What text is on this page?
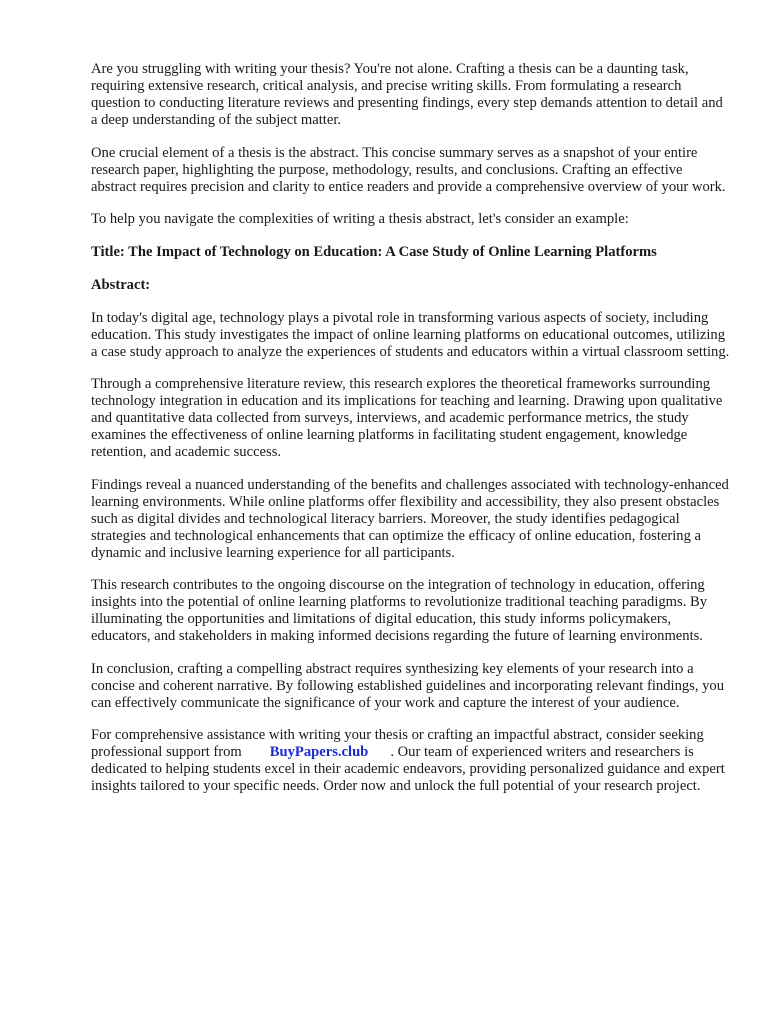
Are you struggling with writing your thesis? You're not alone. Crafting a thesis can be a daunting task, requiring extensive research, critical analysis, and precise writing skills. From formulating a research question to conducting literature reviews and presenting findings, every step demands attention to detail and a deep understanding of the subject matter.

One crucial element of a thesis is the abstract. This concise summary serves as a snapshot of your entire research paper, highlighting the purpose, methodology, results, and conclusions. Crafting an effective abstract requires precision and clarity to entice readers and provide a comprehensive overview of your work.

To help you navigate the complexities of writing a thesis abstract, let's consider an example:

Title: The Impact of Technology on Education: A Case Study of Online Learning Platforms

Abstract:

In today's digital age, technology plays a pivotal role in transforming various aspects of society, including education. This study investigates the impact of online learning platforms on educational outcomes, utilizing a case study approach to analyze the experiences of students and educators within a virtual classroom setting.

Through a comprehensive literature review, this research explores the theoretical frameworks surrounding technology integration in education and its implications for teaching and learning. Drawing upon qualitative and quantitative data collected from surveys, interviews, and academic performance metrics, the study examines the effectiveness of online learning platforms in facilitating student engagement, knowledge retention, and academic success.

Findings reveal a nuanced understanding of the benefits and challenges associated with technology-enhanced learning environments. While online platforms offer flexibility and accessibility, they also present obstacles such as digital divides and technological literacy barriers. Moreover, the study identifies pedagogical strategies and technological enhancements that can optimize the efficacy of online education, fostering a dynamic and inclusive learning experience for all participants.

This research contributes to the ongoing discourse on the integration of technology in education, offering insights into the potential of online learning platforms to revolutionize traditional teaching paradigms. By illuminating the opportunities and limitations of digital education, this study informs policymakers, educators, and stakeholders in making informed decisions regarding the future of learning environments.

In conclusion, crafting a compelling abstract requires synthesizing key elements of your research into a concise and coherent narrative. By following established guidelines and incorporating relevant findings, you can effectively communicate the significance of your work and capture the interest of your audience.

For comprehensive assistance with writing your thesis or crafting an impactful abstract, consider seeking professional support from BuyPapers.club . Our team of experienced writers and researchers is dedicated to helping students excel in their academic endeavors, providing personalized guidance and expert insights tailored to your specific needs. Order now and unlock the full potential of your research project.
